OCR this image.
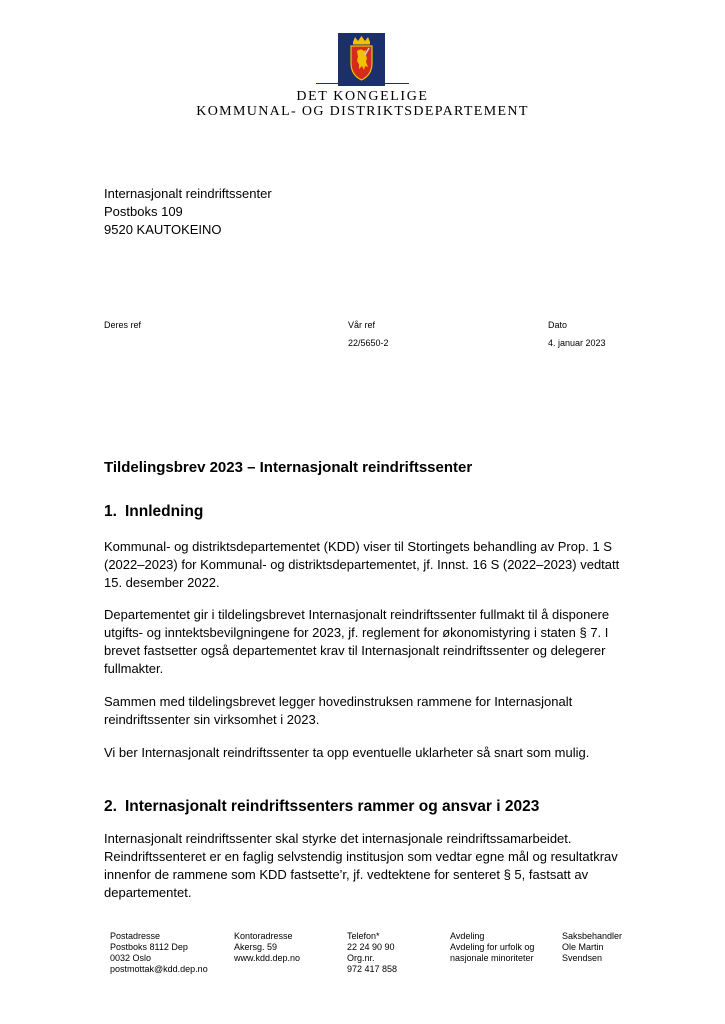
DET KONGELIGE
KOMMUNAL- OG DISTRIKTSDEPARTEMENT
Internasjonalt reindriftssenter
Postboks 109
9520 KAUTOKEINO
Deres ref	Vår ref
22/5650-2
Dato
4. januar 2023
Tildelingsbrev 2023 – Internasjonalt reindriftssenter
1. Innledning
Kommunal- og distriktsdepartementet (KDD) viser til Stortingets behandling av Prop. 1 S
(2022–2023) for Kommunal- og distriktsdepartementet, jf. Innst. 16 S (2022–2023) vedtatt
15. desember 2022.
Departementet gir i tildelingsbrevet Internasjonalt reindriftssenter fullmakt til å disponere
utgifts- og inntektsbevilgningene for 2023, jf. reglement for økonomistyring i staten § 7. I
brevet fastsetter også departementet krav til Internasjonalt reindriftssenter og delegerer
fullmakter.
Sammen med tildelingsbrevet legger hovedinstruksen rammene for Internasjonalt
reindriftssenter sin virksomhet i 2023.
Vi ber Internasjonalt reindriftssenter ta opp eventuelle uklarheter så snart som mulig.
2. Internasjonalt reindriftssenters rammer og ansvar i 2023
Internasjonalt reindriftssenter skal styrke det internasjonale reindriftssamarbeidet.
Reindriftssenteret er en faglig selvstendig institusjon som vedtar egne mål og resultatkrav
innenfor de rammene som KDD fastsette’r, jf. vedtektene for senteret § 5, fastsatt av
departementet.
Postadresse
Postboks 8112 Dep
0032 Oslo
postmottak@kdd.dep.no
Kontoradresse
Akersg. 59
www.kdd.dep.no
Telefon*
22 24 90 90
Org.nr.
972 417 858
Avdeling
Avdeling for urfolk og
nasjonale minoriteter
Saksbehandler
Ole Martin
Svendsen
